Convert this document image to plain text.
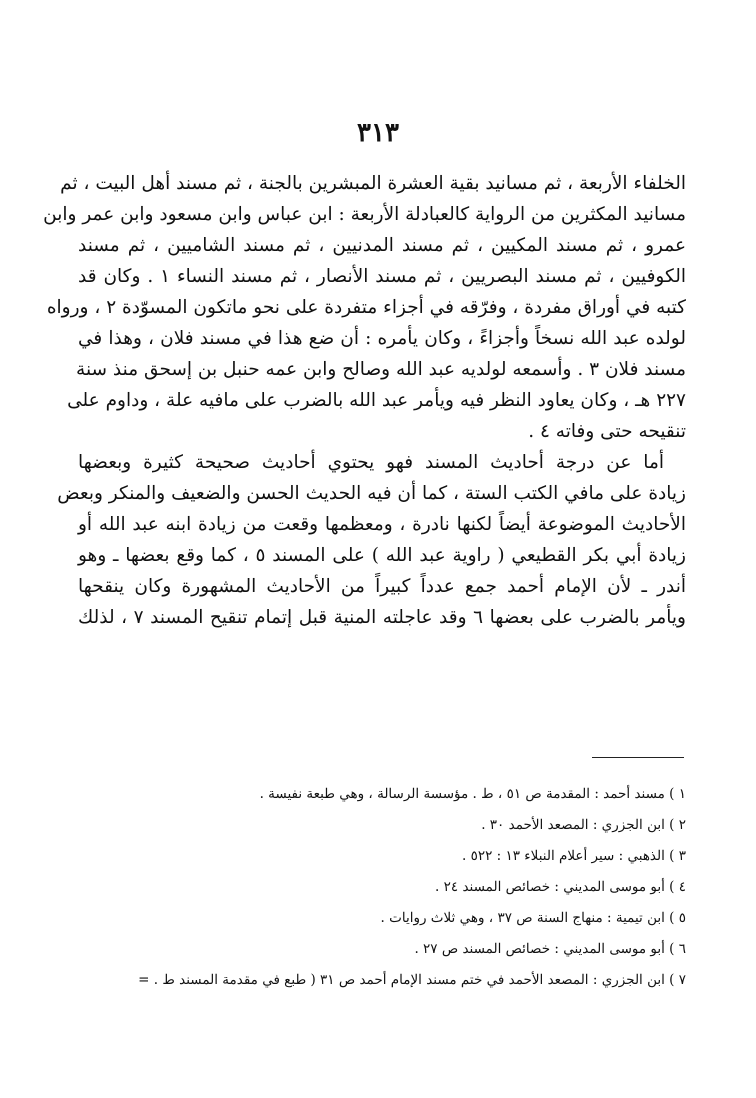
٣١٣
الخلفاء الأربعة ، ثم مسانيد بقية العشرة المبشرين بالجنة ، ثم مسند أهل البيت ، ثم
مسانيد المكثرين من الرواية كالعبادلة الأربعة : ابن عباس وابن مسعود وابن عمر وابن
عمرو ، ثم مسند المكيين ، ثم مسند المدنيين ، ثم مسند الشاميين ، ثم مسند
الكوفيين ، ثم مسند البصريين ، ثم مسند الأنصار ، ثم مسند النساء ١ . وكان قد
كتبه في أوراق مفردة ، وفرّقه في أجزاء متفردة على نحو ماتكون المسوّدة ٢ ، ورواه
لولده عبد الله نسخاً وأجزاءً ، وكان يأمره : أن ضع هذا في مسند فلان ، وهذا في
مسند فلان ٣ . وأسمعه لولديه عبد الله وصالح وابن عمه حنبل بن إسحق منذ سنة
٢٢٧ هـ ، وكان يعاود النظر فيه ويأمر عبد الله بالضرب على مافيه علة ، وداوم على
تنقيحه حتى وفاته ٤ .
أما عن درجة أحاديث المسند فهو يحتوي أحاديث صحيحة كثيرة وبعضها
زيادة على مافي الكتب الستة ، كما أن فيه الحديث الحسن والضعيف والمنكر وبعض
الأحاديث الموضوعة أيضاً لكنها نادرة ، ومعظمها وقعت من زيادة ابنه عبد الله أو
زيادة أبي بكر القطيعي ( راوية عبد الله ) على المسند ٥ ، كما وقع بعضها ـ وهو
أندر ـ لأن الإمام أحمد جمع عدداً كبيراً من الأحاديث المشهورة وكان ينقحها
ويأمر بالضرب على بعضها ٦ وقد عاجلته المنية قبل إتمام تنقيح المسند ٧ ، لذلك
١ ) مسند أحمد : المقدمة ص ٥١ ، ط . مؤسسة الرسالة ، وهي طبعة نفيسة .
٢ ) ابن الجزري : المصعد الأحمد ٣٠ .
٣ ) الذهبي : سير أعلام النبلاء ١٣ : ٥٢٢ .
٤ ) أبو موسى المديني : خصائص المسند ٢٤ .
٥ ) ابن تيمية : منهاج السنة ص ٣٧ ، وهي ثلاث روايات .
٦ ) أبو موسى المديني : خصائص المسند ص ٢٧ .
٧ ) ابن الجزري : المصعد الأحمد في ختم مسند الإمام أحمد ص ٣١ ( طبع في مقدمة المسند ط . =
